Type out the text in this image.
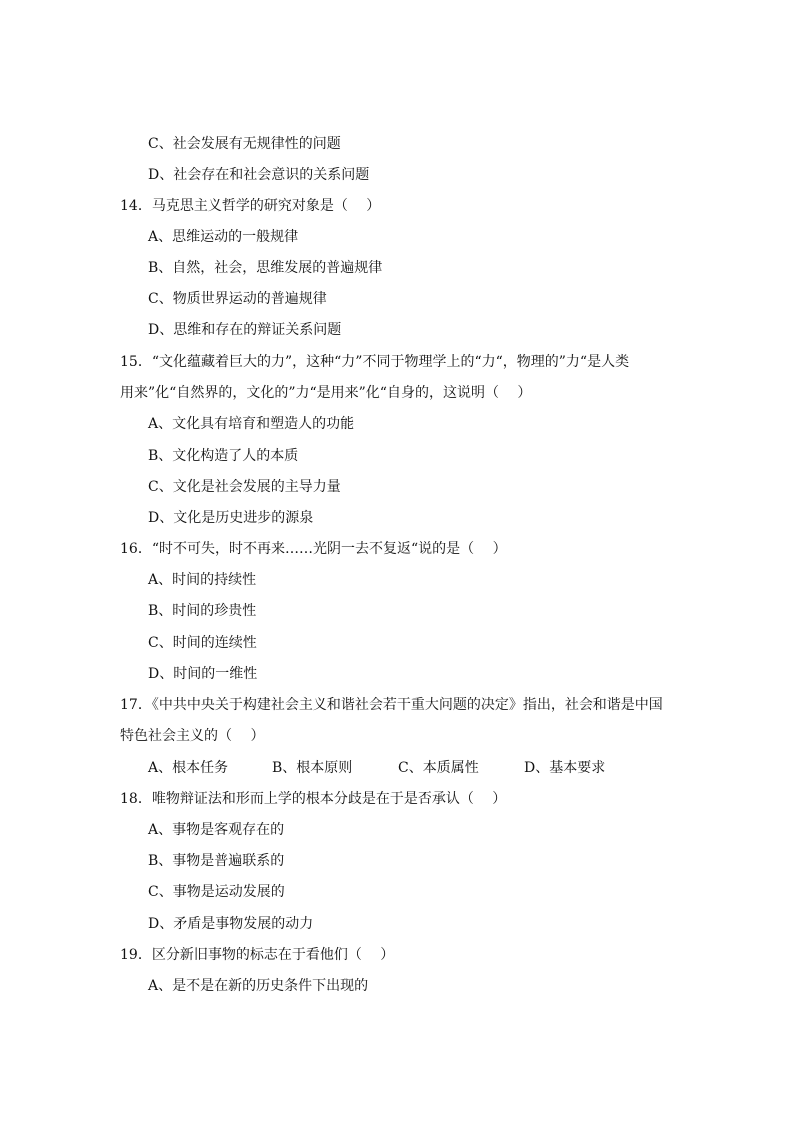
C、社会发展有无规律性的问题
D、社会存在和社会意识的关系问题
14．马克思主义哲学的研究对象是（　 ）
A、思维运动的一般规律
B、自然，社会，思维发展的普遍规律
C、物质世界运动的普遍规律
D、思维和存在的辩证关系问题
15．“文化蕴藏着巨大的力”，这种“力”不同于物理学上的“力“，物理的”力“是人类
用来”化“自然界的，文化的”力“是用来”化“自身的，这说明（　 ）
A、文化具有培育和塑造人的功能
B、文化构造了人的本质
C、文化是社会发展的主导力量
D、文化是历史进步的源泉
16．“时不可失，时不再来……光阴一去不复返“说的是（　 ）
A、时间的持续性
B、时间的珍贵性
C、时间的连续性
D、时间的一维性
17．《中共中央关于构建社会主义和谐社会若干重大问题的决定》指出，社会和谐是中国
特色社会主义的（　 ）
A、根本任务	B、根本原则	C、本质属性	D、基本要求
18．唯物辩证法和形而上学的根本分歧是在于是否承认（　 ）
A、事物是客观存在的
B、事物是普遍联系的
C、事物是运动发展的
D、矛盾是事物发展的动力
19．区分新旧事物的标志在于看他们（　 ）
A、是不是在新的历史条件下出现的
